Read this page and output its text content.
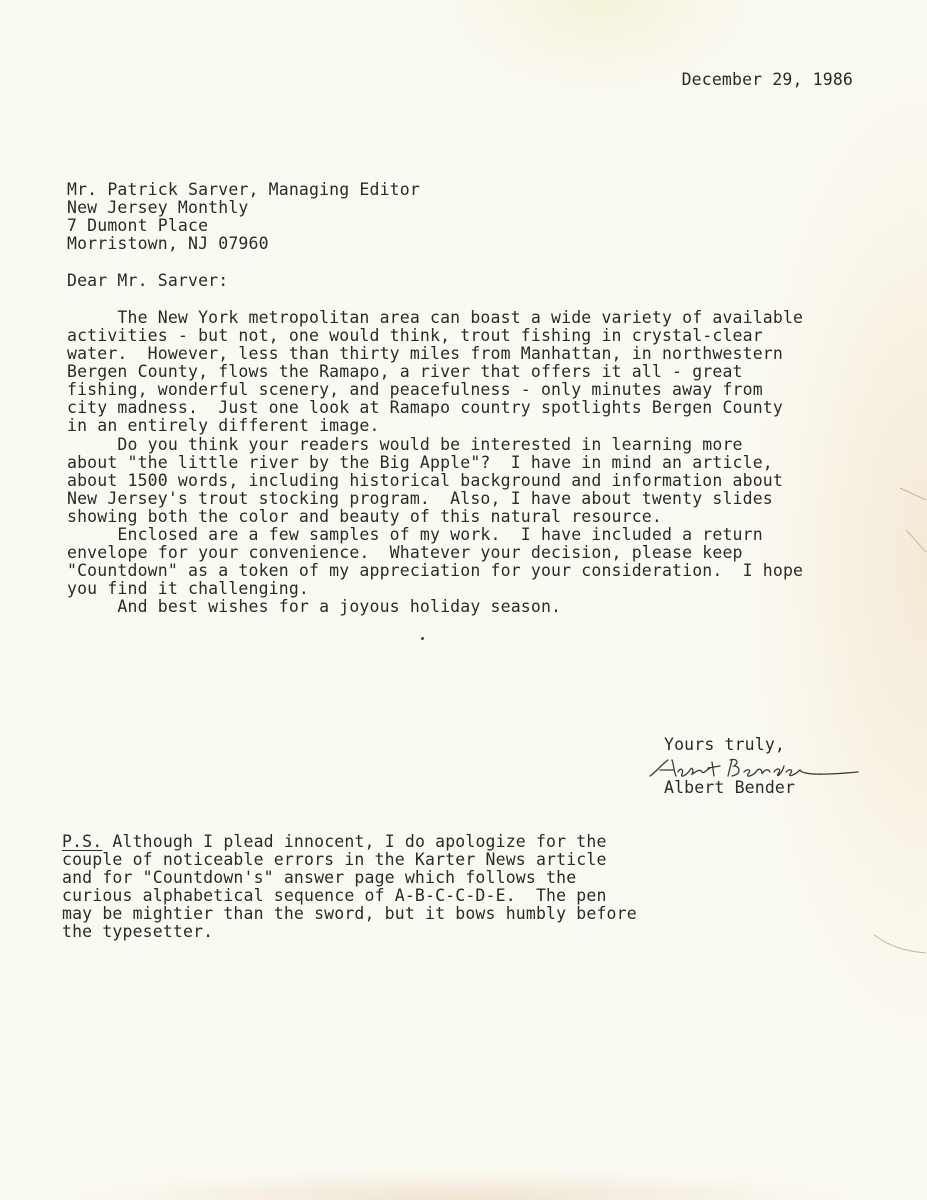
December 29, 1986

Mr. Patrick Sarver, Managing Editor

New Jersey Monthly

7 Dumont Place

Morristown, NJ 07960

Dear Mr. Sarver:

The New York metropolitan area can boast a wide variety of available

activities - but not, one would think, trout fishing in crystal-clear

water.  However, less than thirty miles from Manhattan, in northwestern

Bergen County, flows the Ramapo, a river that offers it all - great

fishing, wonderful scenery, and peacefulness - only minutes away from

city madness.  Just one look at Ramapo country spotlights Bergen County

in an entirely different image.

Do you think your readers would be interested in learning more

about "the little river by the Big Apple"?  I have in mind an article,

about 1500 words, including historical background and information about

New Jersey's trout stocking program.  Also, I have about twenty slides

showing both the color and beauty of this natural resource.

Enclosed are a few samples of my work.  I have included a return

envelope for your convenience.  Whatever your decision, please keep

"Countdown" as a token of my appreciation for your consideration.  I hope

you find it challenging.

And best wishes for a joyous holiday season.

Yours truly,

Albert Bender

P.S. Although I plead innocent, I do apologize for the

couple of noticeable errors in the Karter News article

and for "Countdown's" answer page which follows the

curious alphabetical sequence of A-B-C-C-D-E.  The pen

may be mightier than the sword, but it bows humbly before

the typesetter.
